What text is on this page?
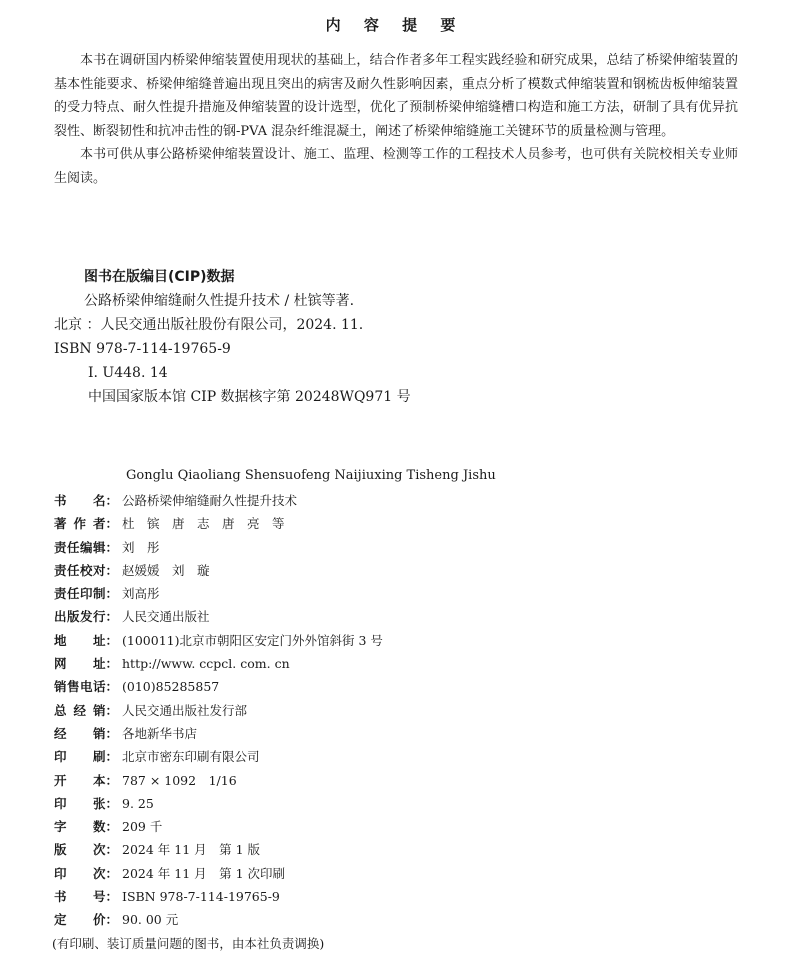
内 容 提 要

本书在调研国内桥梁伸缩装置使用现状的基础上，结合作者多年工程实践经验和研究成果，总结了桥梁伸缩装置的基本性能要求、桥梁伸缩缝普遍出现且突出的病害及耐久性影响因素，重点分析了模数式伸缩装置和钢梳齿板伸缩装置的受力特点、耐久性提升措施及伸缩装置的设计选型，优化了预制桥梁伸缩缝槽口构造和施工方法，研制了具有优异抗裂性、断裂韧性和抗冲击性的钢-PVA 混杂纤维混凝土，阐述了桥梁伸缩缝施工关键环节的质量检测与管理。

本书可供从事公路桥梁伸缩装置设计、施工、监理、检测等工作的工程技术人员参考，也可供有关院校相关专业师生阅读。

图书在版编目(CIP)数据
公路桥梁伸缩缝耐久性提升技术 / 杜镔等著.
北京 ：人民交通出版社股份有限公司，2024. 11.
ISBN 978-7-114-19765-9
Ⅰ. U448. 14
中国国家版本馆 CIP 数据核字第 20248WQ971 号
Gonglu Qiaoliang Shensuofeng Naijiuxing Tisheng Jishu
书 名： 公路桥梁伸缩缝耐久性提升技术
著 作 者： 杜　镔　唐　志　唐　亮　等
责 任 编 辑： 刘　彤
责 任 校 对： 赵媛媛　刘　璇
责 任 印 制： 刘高彤
出 版 发 行： 人民交通出版社
地 址： (100011)北京市朝阳区安定门外外馆斜街 3 号
网 址： http://www. ccpcl. com. cn
销 售 电 话： (010)85285857
总 经 销： 人民交通出版社发行部
经 销： 各地新华书店
印 刷： 北京市密东印刷有限公司
开 本： 787 × 1092　1/16
印 张： 9. 25
字 数： 209 千
版 次： 2024 年 11 月　第 1 版
印 次： 2024 年 11 月　第 1 次印刷
书 号： ISBN 978-7-114-19765-9
定 价： 90. 00 元
(有印刷、装订质量问题的图书，由本社负责调换)
